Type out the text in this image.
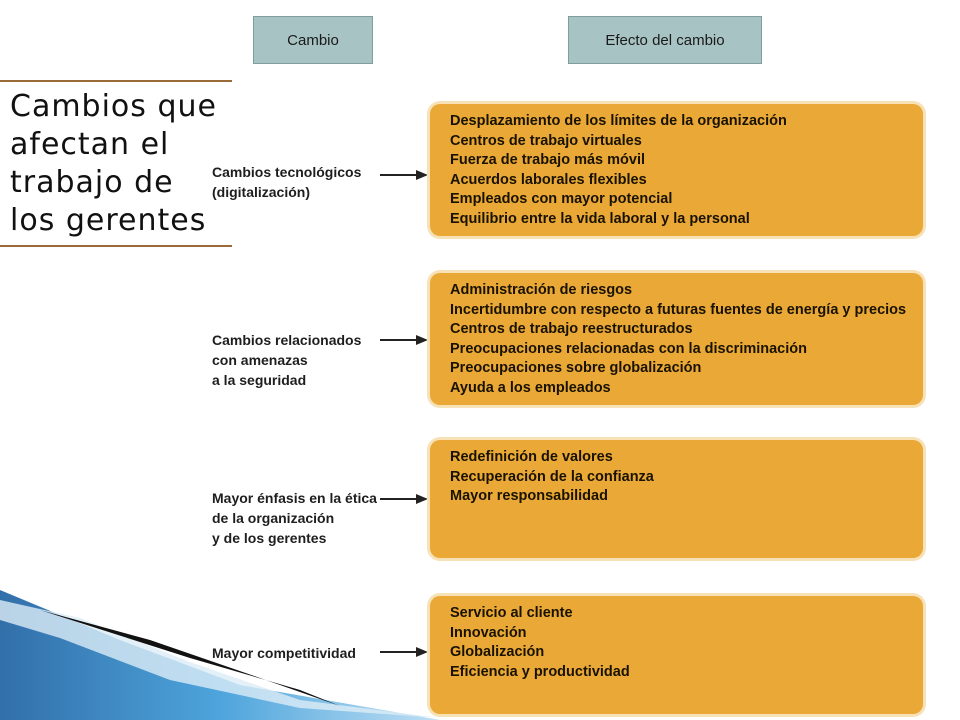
Cambio	Efecto del cambio
Cambios que
afectan el
trabajo de
los gerentes
Cambios tecnológicos
(digitalización)
Desplazamiento de los límites de la organización
Centros de trabajo virtuales
Fuerza de trabajo más móvil
Acuerdos laborales flexibles
Empleados con mayor potencial
Equilibrio entre la vida laboral y la personal
Cambios relacionados
con amenazas
a la seguridad
Administración de riesgos
Incertidumbre con respecto a futuras fuentes de energía y precios
Centros de trabajo reestructurados
Preocupaciones relacionadas con la discriminación
Preocupaciones sobre globalización
Ayuda a los empleados
Mayor énfasis en la ética
de la organización
y de los gerentes
Redefinición de valores
Recuperación de la confianza
Mayor responsabilidad
Mayor competitividad
Servicio al cliente
Innovación
Globalización
Eficiencia y productividad
